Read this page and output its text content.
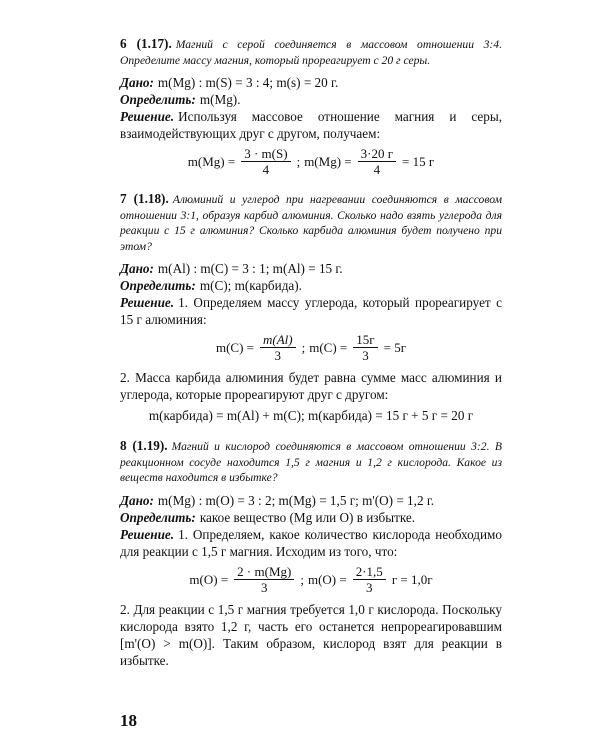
6 (1.17). Магний с серой соединяется в массовом отношении 3:4. Определите массу магния, который прореагирует с 20 г серы.

Дано: m(Mg) : m(S) = 3 : 4; m(s) = 20 г.

Определить: m(Mg).

Решение. Используя массовое отношение магния и серы, взаимодействующих друг с другом, получаем:
$m(Mg) = \frac{3 \cdot m(S)}{4}$ ; $m(Mg) = \frac{3\cdot 20 г}{4} = 15$ г
7 (1.18). Алюминий и углерод при нагревании соединяются в массовом отношении 3:1, образуя карбид алюминия. Сколько надо взять углерода для реакции с 15 г алюминия? Сколько карбида алюминия будет получено при этом?

Дано: m(Al) : m(C) = 3 : 1; m(Al) = 15 г.

Определить: m(C); m(карбида).

Решение. 1. Определяем массу углерода, который прореагирует с 15 г алюминия:
$m(C) = \frac{m(Al)}{3}$ ; $m(C) = \frac{15г}{3} = 5г$
2. Масса карбида алюминия будет равна сумме масс алюминия и углерода, которые прореагируют друг с другом:
m(карбида) = m(Al) + m(C); m(карбида) = 15 г + 5 г = 20 г
8 (1.19). Магний и кислород соединяются в массовом отношении 3:2. В реакционном сосуде находится 1,5 г магния и 1,2 г кислорода. Какое из веществ находится в избытке?

Дано: m(Mg) : m(O) = 3 : 2; m(Mg) = 1,5 г; m'(O) = 1,2 г.

Определить: какое вещество (Mg или O) в избытке.

Решение. 1. Определяем, какое количество кислорода необходимо для реакции с 1,5 г магния. Исходим из того, что:
$m(O) = \frac{2 \cdot m(Mg)}{3}$ ; $m(O) = \frac{2\cdot 1,5}{3}$ г = 1,0г
2. Для реакции с 1,5 г магния требуется 1,0 г кислорода. Поскольку кислорода взято 1,2 г, часть его останется непрореагировавшим [m'(O) > m(O)]. Таким образом, кислород взят для реакции в избытке.
18
